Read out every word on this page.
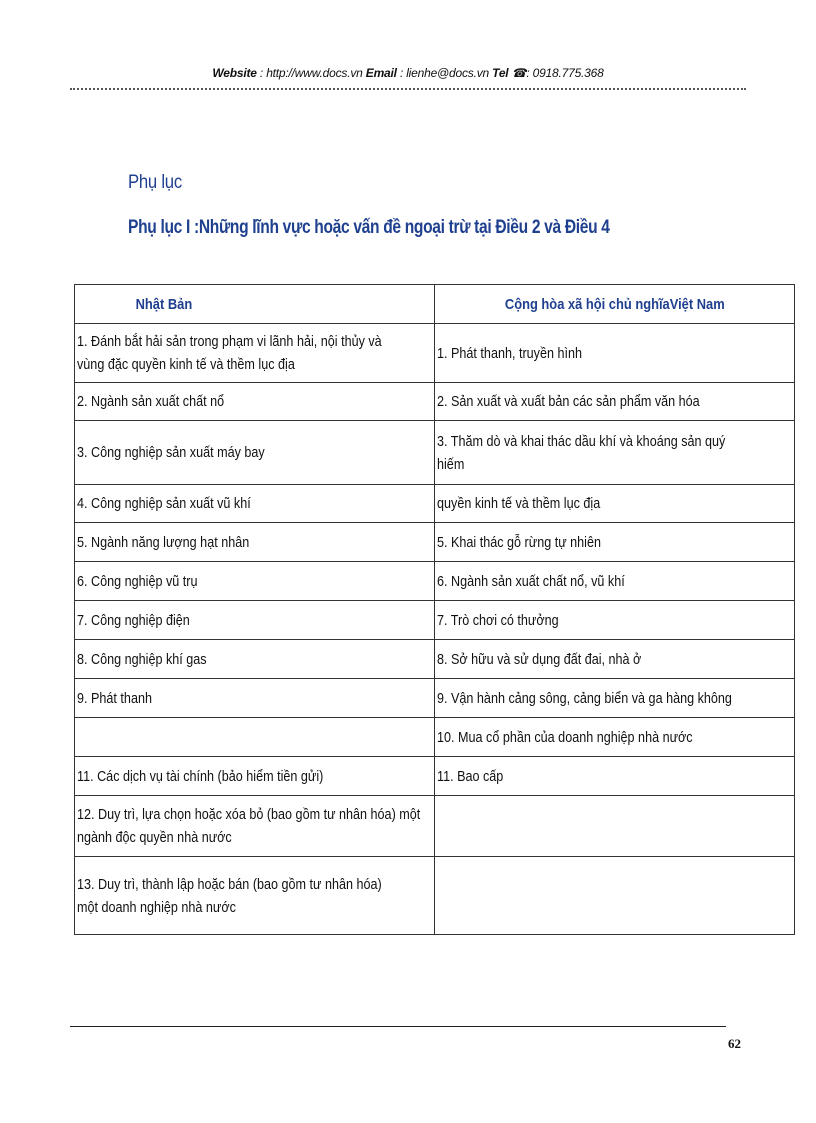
Website : http://www.docs.vn Email : lienhe@docs.vn Tel ☎: 0918.775.368
Phụ lục
Phụ lục I :Những lĩnh vực hoặc vấn đề ngoại trừ tại Điều 2 và Điều 4
Nhật Bản	Cộng hòa xã hội chủ nghĩaViệt Nam

1. Đánh bắt hải sản trong phạm vi lãnh hải, nội thủy và
vùng đặc quyền kinh tế và thềm lục địa	1. Phát thanh, truyền hình

2. Ngành sản xuất chất nổ	2. Sản xuất và xuất bản các sản phẩm văn hóa

3. Công nghiệp sản xuất máy bay	3. Thăm dò và khai thác dầu khí và khoáng sản quý
hiếm

4. Công nghiệp sản xuất vũ khí	quyền kinh tế và thềm lục địa

5. Ngành năng lượng hạt nhân	5. Khai thác gỗ rừng tự nhiên

6. Công nghiệp vũ trụ	6. Ngành sản xuất chất nổ, vũ khí

7. Công nghiệp điện	7. Trò chơi có thưởng

8. Công nghiệp khí gas	8. Sở hữu và sử dụng đất đai, nhà ở

9. Phát thanh	9. Vận hành cảng sông, cảng biển và ga hàng không

	10. Mua cổ phần của doanh nghiệp nhà nước

11. Các dịch vụ tài chính (bảo hiểm tiền gửi)	11. Bao cấp

12. Duy trì, lựa chọn hoặc xóa bỏ (bao gồm tư nhân hóa) một
ngành độc quyền nhà nước	

13. Duy trì, thành lập hoặc bán (bao gồm tư nhân hóa)
một doanh nghiệp nhà nước	

62
